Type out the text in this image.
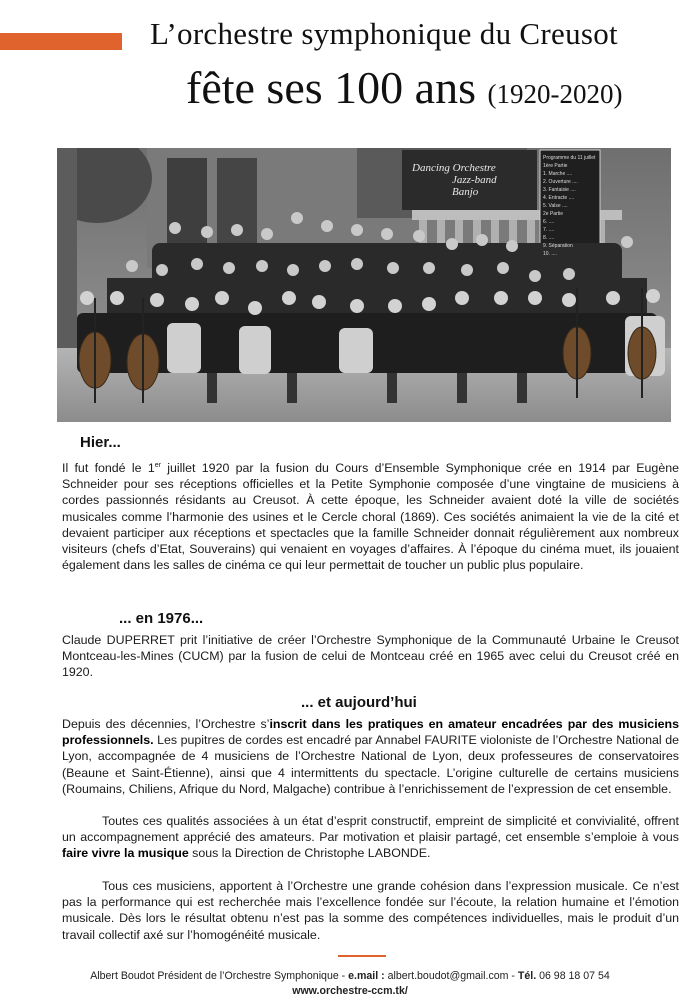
L’orchestre symphonique du Creusot
fête ses 100 ans (1920-2020)
Dancing Orchestre
Jazz-band
Banjo
Programme du 11 juillet
1ère Partie
1. Marche ....
2. Ouverture ....
3. Fantaisie ....
4. Entracte ....
5. Valse ....
2e Partie
6. ....
7. ....
8. ....
9. Séparation
10. ....
Hier...

Il fut fondé le 1er juillet 1920 par la fusion du Cours d’Ensemble Symphonique crée en 1914 par Eugène Schneider pour ses réceptions officielles et la Petite Symphonie composée d’une vingtaine de musiciens à cordes passionnés résidants au Creusot. À cette époque, les Schneider avaient doté la ville de sociétés musicales comme l’harmonie des usines et le Cercle choral (1869). Ces sociétés animaient la vie de la cité et devaient participer aux réceptions et spectacles que la famille Schneider donnait régulièrement aux nombreux visiteurs (chefs d’Etat, Souverains) qui venaient en voyages d’affaires. À l’époque du cinéma muet, ils jouaient également dans les salles de cinéma ce qui leur permettait de toucher un public plus populaire.

... en 1976...

Claude DUPERRET prit l’initiative de créer l’Orchestre Symphonique de la Communauté Urbaine le Creusot Montceau-les-Mines (CUCM) par la fusion de celui de Montceau créé en 1965 avec celui du Creusot créé en 1920.

... et aujourd’hui

Depuis des décennies, l’Orchestre s’inscrit dans les pratiques en amateur encadrées par des musiciens professionnels. Les pupitres de cordes est encadré par Annabel FAURITE violoniste de l’Orchestre National de Lyon, accompagnée de 4 musiciens de l’Orchestre National de Lyon, deux professeures de conservatoires (Beaune et Saint-Étienne), ainsi que 4 intermittents du spectacle. L’origine culturelle de certains musiciens (Roumains, Chiliens, Afrique du Nord, Malgache) contribue à l’enrichissement de l’expression de cet ensemble.

Toutes ces qualités associées à un état d’esprit constructif, empreint de simplicité et convivialité, offrent un accompagnement apprécié des amateurs. Par motivation et plaisir partagé, cet ensemble s’emploie à vous faire vivre la musique sous la Direction de Christophe LABONDE.

Tous ces musiciens, apportent à l’Orchestre une grande cohésion dans l’expression musicale. Ce n’est pas la performance qui est recherchée mais l’excellence fondée sur l’écoute, la relation humaine et l’émotion musicale. Dès lors le résultat obtenu n’est pas la somme des compétences individuelles, mais le produit d’un travail collectif axé sur l’homogénéité musicale.

Albert Boudot Président de l’Orchestre Symphonique - e.mail : albert.boudot@gmail.com - Tél. 06 98 18 07 54
www.orchestre-ccm.tk/
